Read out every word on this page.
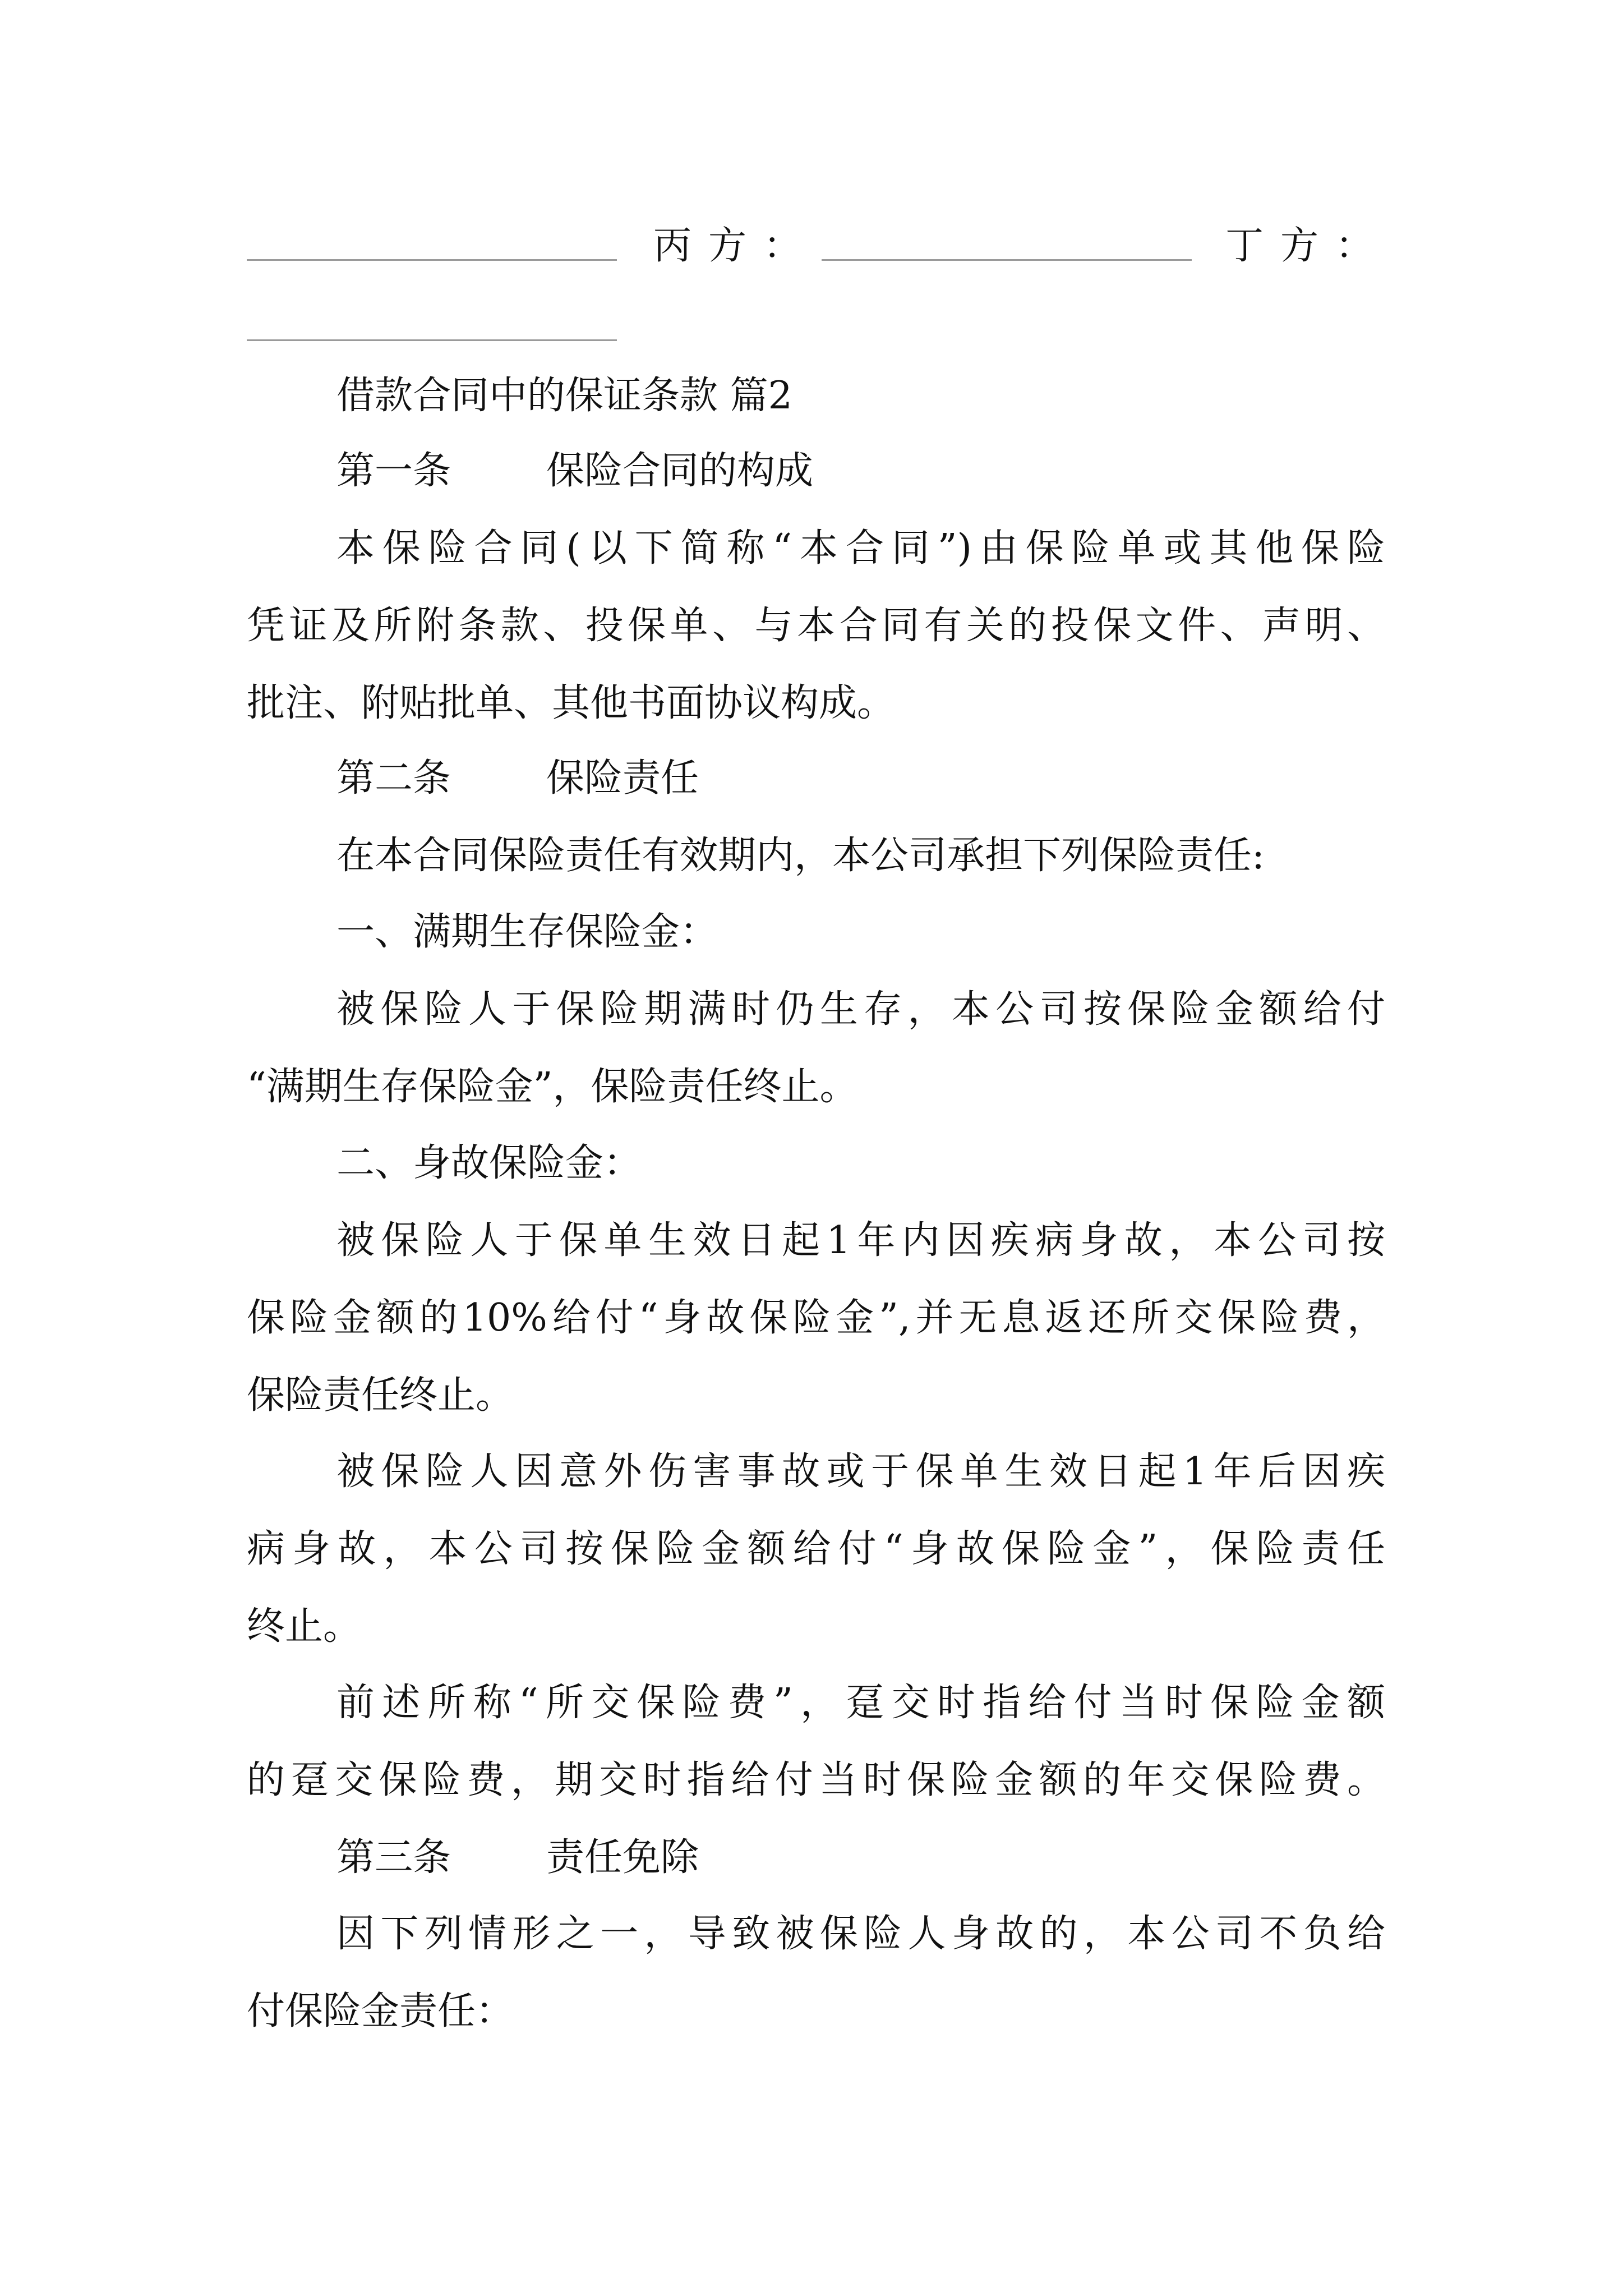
丙方：	丁方：
借款合同中的保证条款 篇2
第一条	保险合同的构成
本保险合同(以下简称“本合同”)由保险单或其他保险
凭证及所附条款、投保单、与本合同有关的投保文件、声明、
批注、附贴批单、其他书面协议构成。
第二条	保险责任
在本合同保险责任有效期内，本公司承担下列保险责任:
一、满期生存保险金：
被保险人于保险期满时仍生存，本公司按保险金额给付
“满期生存保险金”，保险责任终止。
二、身故保险金：
被保险人于保单生效日起1年内因疾病身故，本公司按
保险金额的10%给付“身故保险金”,并无息返还所交保险费，
保险责任终止。
被保险人因意外伤害事故或于保单生效日起1年后因疾
病身故，本公司按保险金额给付“身故保险金”，保险责任
终止。
前述所称“所交保险费”，趸交时指给付当时保险金额
的趸交保险费，期交时指给付当时保险金额的年交保险费。
第三条	责任免除
因下列情形之一，导致被保险人身故的，本公司不负给
付保险金责任：
